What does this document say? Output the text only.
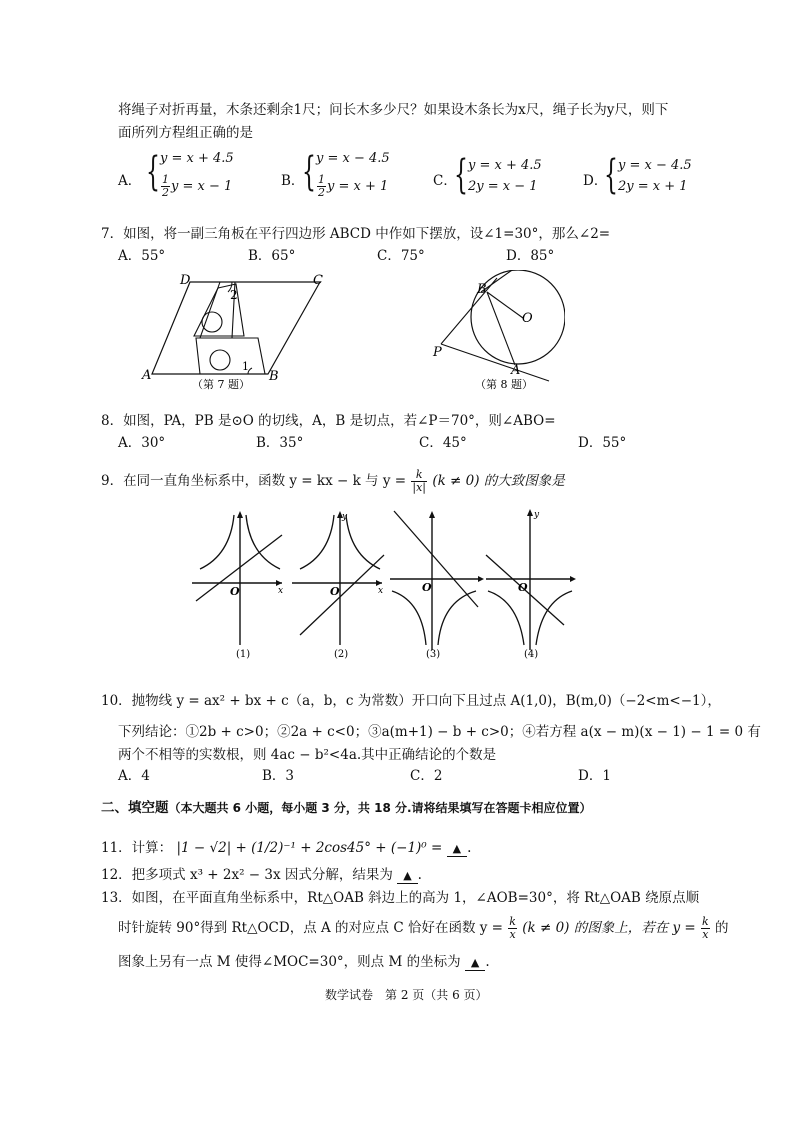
将绳子对折再量，木条还剩余1尺；问长木多少尺？如果设木条长为x尺，绳子长为y尺，则下
面所列方程组正确的是
A． { y = x + 4.5
$\frac{1}{2}$ y = x − 1	B．
{ y = x − 4.5
$\frac{1}{2}$ y = x + 1	C．
{ y = x + 4.5
2y = x − 1	D．
{ y = x − 4.5
2y = x + 1
7．如图，将一副三角板在平行四边形 ABCD 中作如下摆放，设∠1=30°，那么∠2=
A．55°	B．65°	C．75°	D．85°
D	C
A	B
2
1
（第 7 题）
B
O
P
A
（第 8 题）
8．如图，PA，PB 是⊙O 的切线，A，B 是切点，若∠P＝70°，则∠ABO=
A．30°	B．35°	C．45°	D．55°
9．在同一直角坐标系中，函数 y = kx − k 与 $y = \frac{k}{|x|} (k \ne 0)$ 的大致图象是
O	x
(1)
y
O	x
(2)
O
(3)
y
O
(4)
10．抛物线 y = ax² + bx + c（a，b，c 为常数）开口向下且过点 A(1,0)，B(m,0)（−2<m<−1），
下列结论：①2b + c>0；②2a + c<0；③a(m+1) − b + c>0；④若方程 a(x − m)(x − 1) − 1 = 0 有
两个不相等的实数根，则 4ac − b²<4a.其中正确结论的个数是
A．4	B．3	C．2	D．1
二、填空题（本大题共 6 小题，每小题 3 分，共 18 分.请将结果填写在答题卡相应位置）
11．计算： |1 − √2| + (1/2)⁻¹ + 2cos45° + (−1)⁰ = ▲ .
12．把多项式 x³ + 2x² − 3x 因式分解，结果为 ▲ .
13．如图，在平面直角坐标系中，Rt△OAB 斜边上的高为 1，∠AOB=30°，将 Rt△OAB 绕原点顺
时针旋转 90°得到 Rt△OCD，点 A 的对应点 C 恰好在函数 $y = \frac{k}{x} (k \ne 0)$ 的图象上，若在 $y = \frac{k}{x}$ 的
图象上另有一点 M 使得∠MOC=30°，则点 M 的坐标为 ▲ .
数学试卷　第 2 页（共 6 页）
